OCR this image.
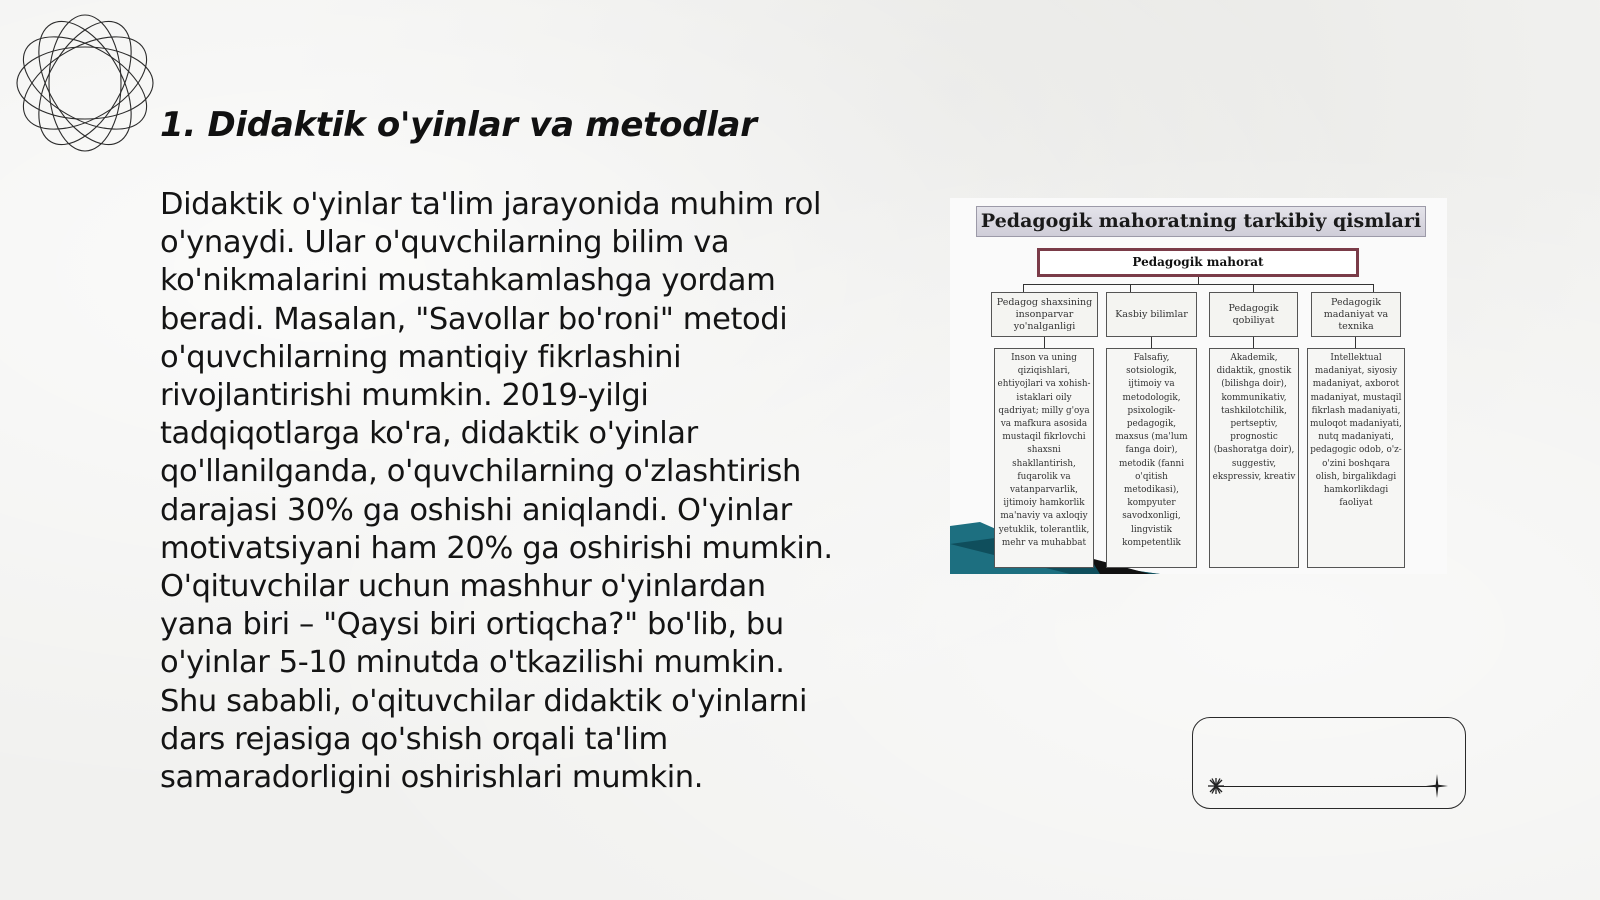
1. Didaktik o'yinlar va metodlar
Didaktik o'yinlar ta'lim jarayonida muhim rol o'ynaydi. Ular o'quvchilarning bilim va ko'nikmalarini mustahkamlashga yordam beradi. Masalan, "Savollar bo'roni" metodi o'quvchilarning mantiqiy fikrlashini rivojlantirishi mumkin. 2019-yilgi tadqiqotlarga ko'ra, didaktik o'yinlar qo'llanilganda, o'quvchilarning o'zlashtirish darajasi 30% ga oshishi aniqlandi. O'yinlar motivatsiyani ham 20% ga oshirishi mumkin. O'qituvchilar uchun mashhur o'yinlardan yana biri – "Qaysi biri ortiqcha?" bo'lib, bu o'yinlar 5-10 minutda o'tkazilishi mumkin. Shu sababli, o'qituvchilar didaktik o'yinlarni dars rejasiga qo'shish orqali ta'lim samaradorligini oshirishlari mumkin.
Pedagogik mahoratning tarkibiy qismlari
Pedagogik mahorat
Pedagog shaxsining insonparvar yo'nalganligi
Kasbiy bilimlar
Pedagogik qobiliyat
Pedagogik madaniyat va texnika
Inson va uning qiziqishlari, ehtiyojlari va xohish-istaklari oily qadriyat; milly g'oya va mafkura asosida mustaqil fikrlovchi shaxsni shakllantirish, fuqarolik va vatanparvarlik, ijtimoiy hamkorlik ma'naviy va axloqiy yetuklik, tolerantlik, mehr va muhabbat
Falsafiy, sotsiologik, ijtimoiy va metodologik, psixologik-pedagogik, maxsus (ma'lum fanga doir), metodik (fanni o'qitish metodikasi), kompyuter savodxonligi, lingvistik kompetentlik
Akademik, didaktik, gnostik (bilishga doir), kommunikativ, tashkilotchilik, pertseptiv, prognostic (bashoratga doir), suggestiv, ekspressiv, kreativ
Intellektual madaniyat, siyosiy madaniyat, axborot madaniyat, mustaqil fikrlash madaniyati, muloqot madaniyati, nutq madaniyati, pedagogic odob, o'z-o'zini boshqara olish, birgalikdagi hamkorlikdagi faoliyat
